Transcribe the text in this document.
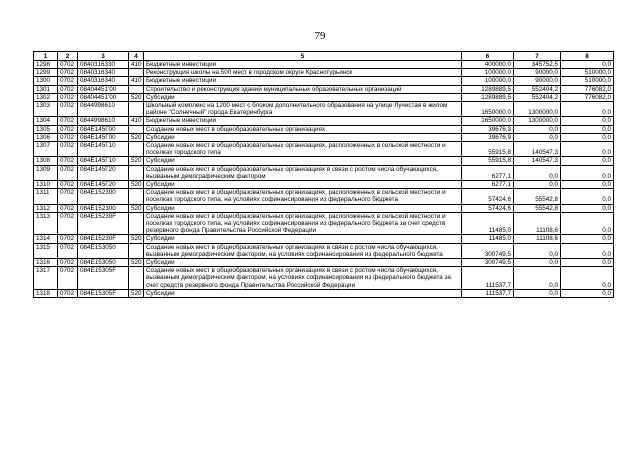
79
1	2	3	4	5	6	7	8
1298	0702	0840316330	410	Бюджетные инвестиции	400000,0	345752,5	0,0
1299	0702	0840316340		Реконструкция школы на 500 мест в городском округе Краснотурьинск	100000,0	90000,0	510000,0
1300	0702	0840316340	410	Бюджетные инвестиции	100000,0	90000,0	510000,0
1301	0702	08404451'00		Строительство и реконструкция зданий муниципальных образовательных организаций	1289889,5	552404,2	776082,0
1302	0702	08404451'00	520	Субсидии	1289889,5	552404,2	776082,0
1303	0702	0844998610		Школьный комплекс на 1200 мест с блоком дополнительного образования на улице Лучистая в жилом районе "Солнечный" города Екатеринбурга	1650000,0	1300000,0	0,0
1304	0702	0844998610	410	Бюджетные инвестиции	1650000,0	1300000,0	0,0
1305	0702	084E145Г00		Создание новых мест в общеобразовательных организациях	39676,9	0,0	0,0
1306	0702	084E145Г00	520	Субсидии	39676,9	0,0	0,0
1307	0702	084E145Г10		Создание новых мест в общеобразовательных организациях, расположенных в сельской местности и поселках городского типа	55915,8	140547,3	0,0
1308	0702	084E145Г10	520	Субсидии	55915,8	140547,3	0,0
1309	0702	084E145Г20		Создание новых мест в общеобразовательных организациях в связи с ростом числа обучающихся, вызванным демографическим фактором	6277,1	0,0	0,0
1310	0702	084E145Г20	520	Субсидии	6277,1	0,0	0,0
1311	0702	084E152300		Создание новых мест в общеобразовательных организациях, расположенных в сельской местности и поселках городского типа, на условиях софинансирования из федерального бюджета	57424,6	55542,8	0,0
1312	0702	084E152300	520	Субсидии	57424,6	55542,8	0,0
1313	0702	084E15230F		Создание новых мест в общеобразовательных организациях, расположенных в сельской местности и поселках городского типа, на условиях софинансирования из федерального бюджета за счет средств резервного фонда Правительства Российской Федерации	11485,0	11108,6	0,0
1314	0702	084E15230F	520	Субсидии	11485,0	11108,6	0,0
1315	0702	084E153050		Создание новых мест в общеобразовательных организациях в связи с ростом числа обучающихся, вызванным демографическим фактором, на условиях софинансирования из федерального бюджета	300749,5	0,0	0,0
1316	0702	084E153050	520	Субсидии	300749,5	0,0	0,0
1317	0702	084E15305F		Создание новых мест в общеобразовательных организациях в связи с ростом числа обучающихся, вызванным демографическим фактором, на условиях софинансирования из федерального бюджета за счет средств резервного фонда Правительства Российской Федерации	111537,7	0,0	0,0
1318	0702	084E15305F	520	Субсидии	111537,7	0,0	0,0
